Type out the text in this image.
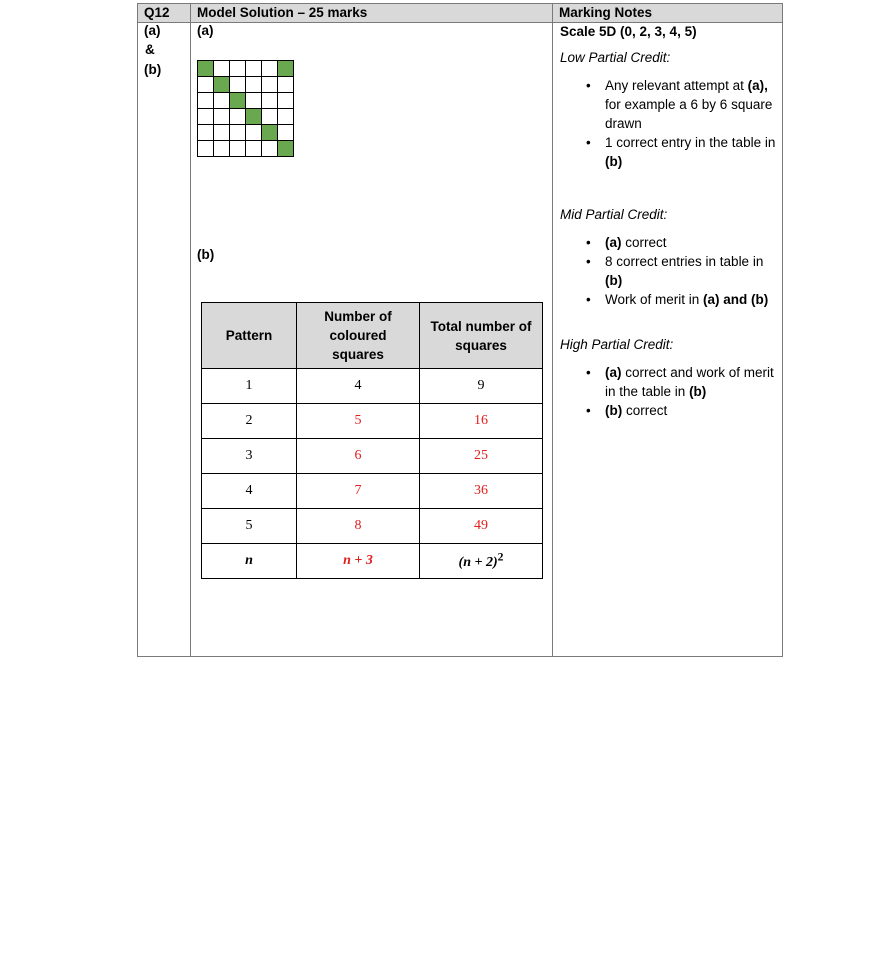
Q12 Model Solution – 25 marks	Marking Notes
(a)
&
(b)
(a)

(b)
Pattern	Number of coloured squares	Total number of squares

1	4	9
2	5	16
3	6	25
4	7	36
5	8	49
n	n + 3	$(n + 2)^2$
Scale 5D (0, 2, 3, 4, 5)
Low Partial Credit:
• Any relevant attempt at (a), for example a 6 by 6 square drawn
• 1 correct entry in the table in (b)
Mid Partial Credit:
• (a) correct
• 8 correct entries in table in (b)
• Work of merit in (a) and (b)
High Partial Credit:
• (a) correct and work of merit in the table in (b)
• (b) correct
